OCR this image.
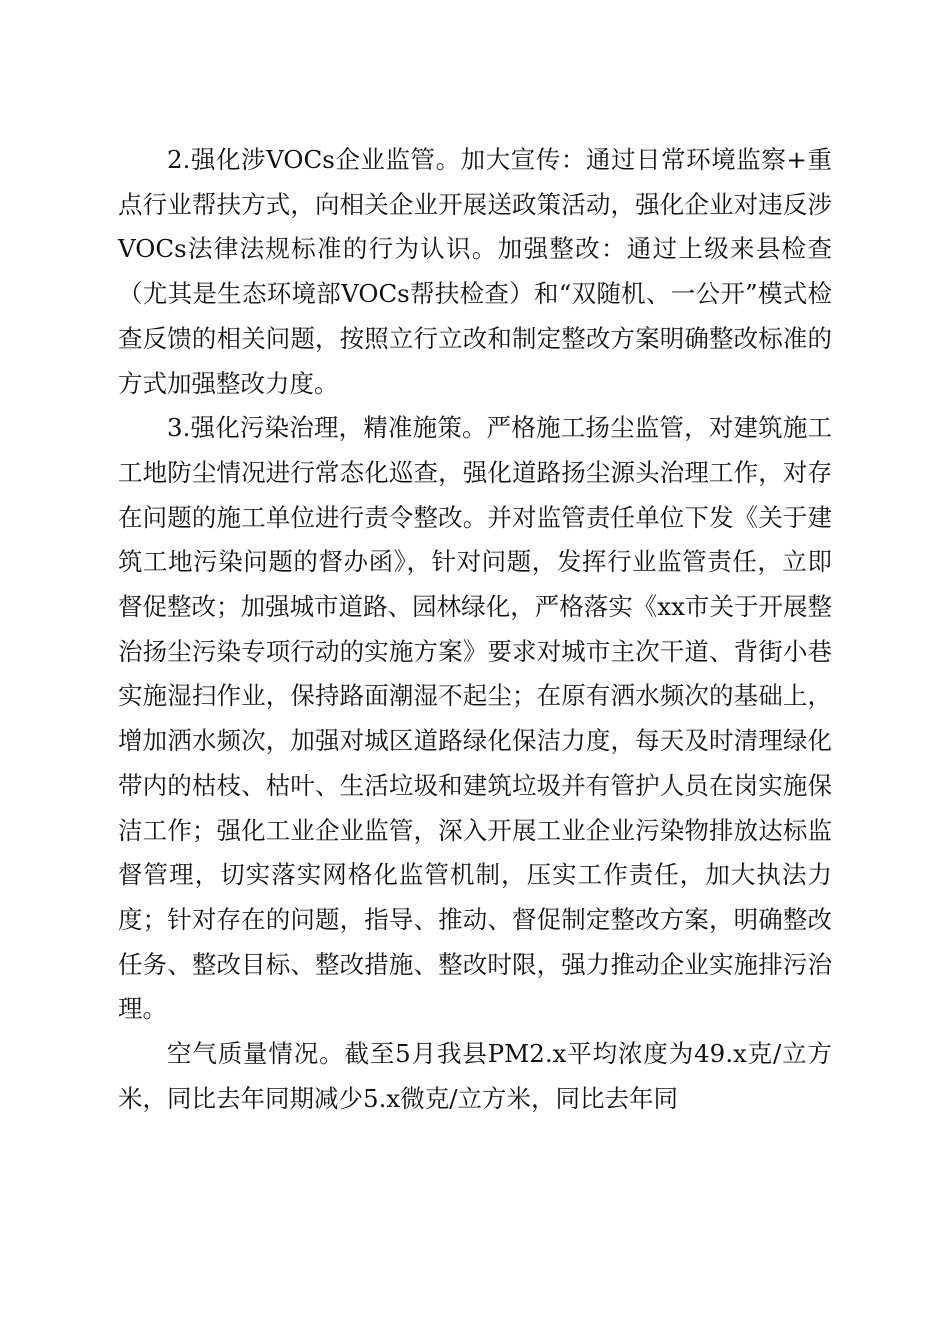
2.强化涉VOCs企业监管。加大宣传：通过日常环境监察+重点行业帮扶方式，向相关企业开展送政策活动，强化企业对违反涉VOCs法律法规标准的行为认识。加强整改：通过上级来县检查（尤其是生态环境部VOCs帮扶检查）和“双随机、一公开”模式检查反馈的相关问题，按照立行立改和制定整改方案明确整改标准的方式加强整改力度。

3.强化污染治理，精准施策。严格施工扬尘监管，对建筑施工工地防尘情况进行常态化巡查，强化道路扬尘源头治理工作，对存在问题的施工单位进行责令整改。并对监管责任单位下发《关于建筑工地污染问题的督办函》，针对问题，发挥行业监管责任，立即督促整改；加强城市道路、园林绿化，严格落实《xx市关于开展整治扬尘污染专项行动的实施方案》要求对城市主次干道、背街小巷实施湿扫作业，保持路面潮湿不起尘；在原有洒水频次的基础上，增加洒水频次，加强对城区道路绿化保洁力度，每天及时清理绿化带内的枯枝、枯叶、生活垃圾和建筑垃圾并有管护人员在岗实施保洁工作；强化工业企业监管，深入开展工业企业污染物排放达标监督管理，切实落实网格化监管机制，压实工作责任，加大执法力度；针对存在的问题，指导、推动、督促制定整改方案，明确整改任务、整改目标、整改措施、整改时限，强力推动企业实施排污治理。

空气质量情况。截至5月我县PM2.x平均浓度为49.x克/立方米，同比去年同期减少5.x微克/立方米，同比去年同
